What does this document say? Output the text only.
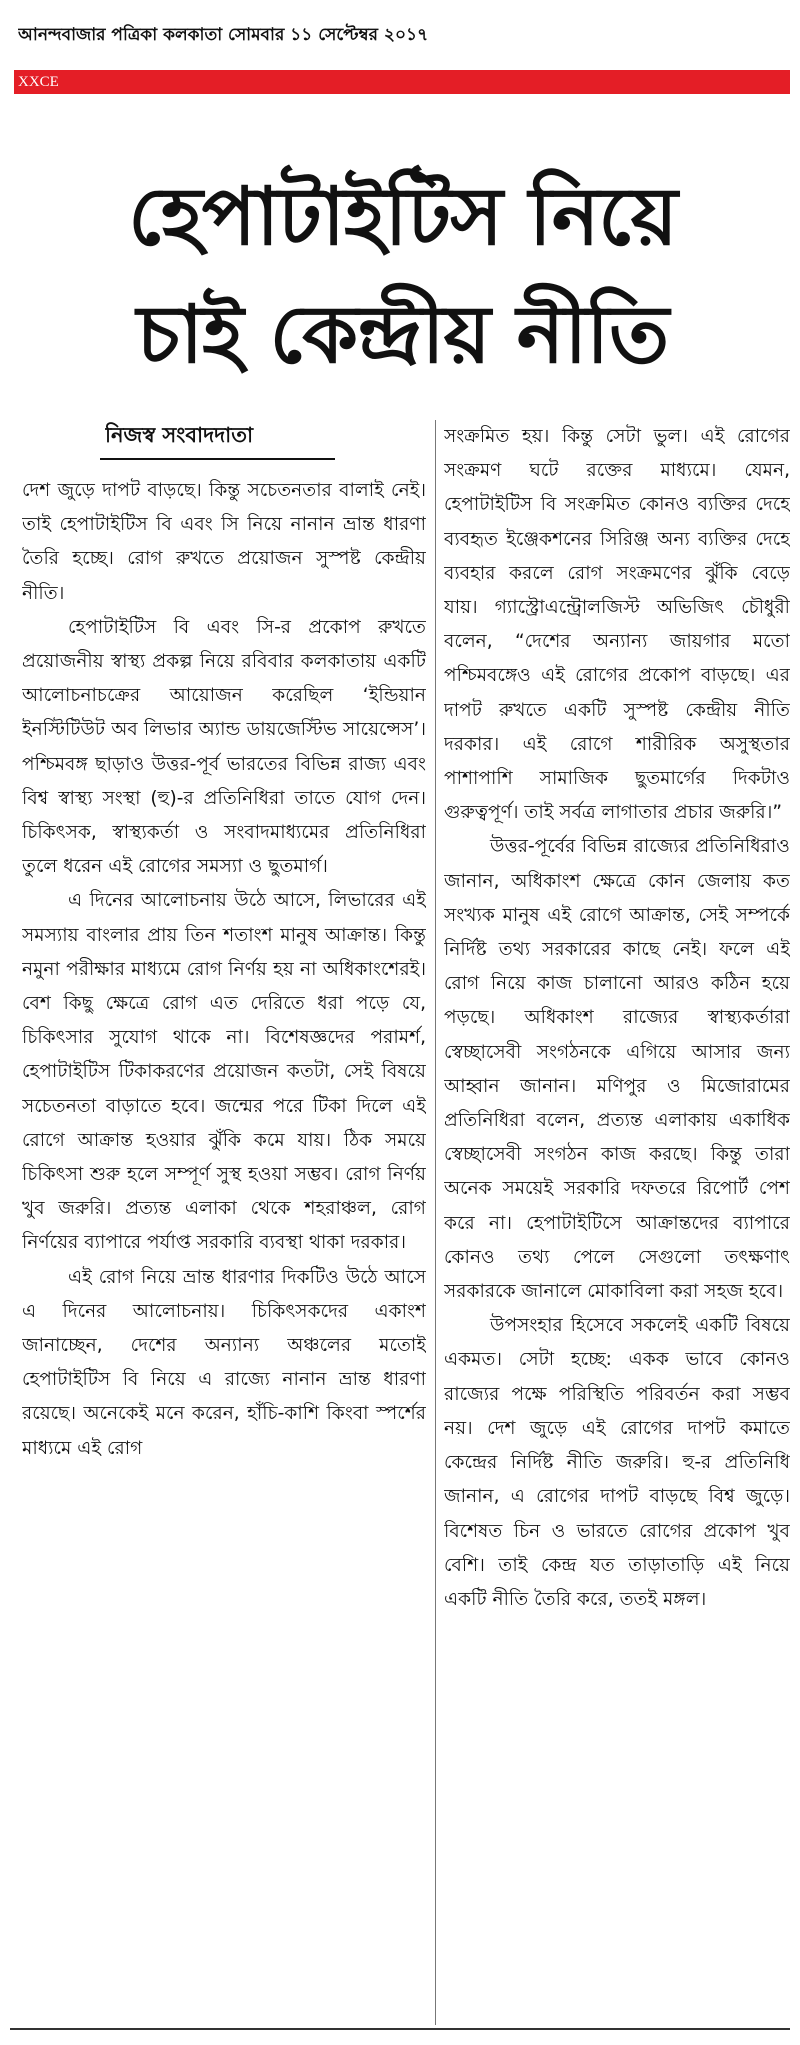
আনন্দবাজার পত্রিকা কলকাতা সোমবার ১১ সেপ্টেম্বর ২০১৭
XXCE
হেপাটাইটিস নিয়ে
চাই কেন্দ্রীয় নীতি
নিজস্ব সংবাদদাতা

দেশ জুড়ে দাপট বাড়ছে। কিন্তু সচেতনতার বালাই নেই। তাই হেপাটাইটিস বি এবং সি নিয়ে নানান ভ্রান্ত ধারণা তৈরি হচ্ছে। রোগ রুখতে প্রয়োজন সুস্পষ্ট কেন্দ্রীয় নীতি।

হেপাটাইটিস বি এবং সি-র প্রকোপ রুখতে প্রয়োজনীয় স্বাস্থ্য প্রকল্প নিয়ে রবিবার কলকাতায় একটি আলোচনাচক্রের আয়োজন করেছিল ‘ইন্ডিয়ান ইনস্টিটিউট অব লিভার অ্যান্ড ডায়জেস্টিভ সায়েন্সেস’। পশ্চিমবঙ্গ ছাড়াও উত্তর-পূর্ব ভারতের বিভিন্ন রাজ্য এবং বিশ্ব স্বাস্থ্য সংস্থা (হু)-র প্রতিনিধিরা তাতে যোগ দেন। চিকিৎসক, স্বাস্থ্যকর্তা ও সংবাদমাধ্যমের প্রতিনিধিরা তুলে ধরেন এই রোগের সমস্যা ও ছুতমার্গ।

এ দিনের আলোচনায় উঠে আসে, লিভারের এই সমস্যায় বাংলার প্রায় তিন শতাংশ মানুষ আক্রান্ত। কিন্তু নমুনা পরীক্ষার মাধ্যমে রোগ নির্ণয় হয় না অধিকাংশেরই। বেশ কিছু ক্ষেত্রে রোগ এত দেরিতে ধরা পড়ে যে, চিকিৎসার সুযোগ থাকে না। বিশেষজ্ঞদের পরামর্শ, হেপাটাইটিস টিকাকরণের প্রয়োজন কতটা, সেই বিষয়ে সচেতনতা বাড়াতে হবে। জন্মের পরে টিকা দিলে এই রোগে আক্রান্ত হওয়ার ঝুঁকি কমে যায়। ঠিক সময়ে চিকিৎসা শুরু হলে সম্পূর্ণ সুস্থ হওয়া সম্ভব। রোগ নির্ণয় খুব জরুরি। প্রত্যন্ত এলাকা থেকে শহরাঞ্চল, রোগ নির্ণয়ের ব্যাপারে পর্যাপ্ত সরকারি ব্যবস্থা থাকা দরকার।

এই রোগ নিয়ে ভ্রান্ত ধারণার দিকটিও উঠে আসে এ দিনের আলোচনায়। চিকিৎসকদের একাংশ জানাচ্ছেন, দেশের অন্যান্য অঞ্চলের মতোই হেপাটাইটিস বি নিয়ে এ রাজ্যে নানান ভ্রান্ত ধারণা রয়েছে। অনেকেই মনে করেন, হাঁচি-কাশি কিংবা স্পর্শের মাধ্যমে এই রোগ

সংক্রমিত হয়। কিন্তু সেটা ভুল। এই রোগের সংক্রমণ ঘটে রক্তের মাধ্যমে। যেমন, হেপাটাইটিস বি সংক্রমিত কোনও ব্যক্তির দেহে ব্যবহৃত ইঞ্জেকশনের সিরিঞ্জ অন্য ব্যক্তির দেহে ব্যবহার করলে রোগ সংক্রমণের ঝুঁকি বেড়ে যায়। গ্যাস্ট্রোএন্ট্রোলজিস্ট অভিজিৎ চৌধুরী বলেন, “দেশের অন্যান্য জায়গার মতো পশ্চিমবঙ্গেও এই রোগের প্রকোপ বাড়ছে। এর দাপট রুখতে একটি সুস্পষ্ট কেন্দ্রীয় নীতি দরকার। এই রোগে শারীরিক অসুস্থতার পাশাপাশি সামাজিক ছুতমার্গের দিকটাও গুরুত্বপূর্ণ। তাই সর্বত্র লাগাতার প্রচার জরুরি।”

উত্তর-পূর্বের বিভিন্ন রাজ্যের প্রতিনিধিরাও জানান, অধিকাংশ ক্ষেত্রে কোন জেলায় কত সংখ্যক মানুষ এই রোগে আক্রান্ত, সেই সম্পর্কে নির্দিষ্ট তথ্য সরকারের কাছে নেই। ফলে এই রোগ নিয়ে কাজ চালানো আরও কঠিন হয়ে পড়ছে। অধিকাংশ রাজ্যের স্বাস্থ্যকর্তারা স্বেচ্ছাসেবী সংগঠনকে এগিয়ে আসার জন্য আহ্বান জানান। মণিপুর ও মিজোরামের প্রতিনিধিরা বলেন, প্রত্যন্ত এলাকায় একাধিক স্বেচ্ছাসেবী সংগঠন কাজ করছে। কিন্তু তারা অনেক সময়েই সরকারি দফতরে রিপোর্ট পেশ করে না। হেপাটাইটিসে আক্রান্তদের ব্যাপারে কোনও তথ্য পেলে সেগুলো তৎক্ষণাৎ সরকারকে জানালে মোকাবিলা করা সহজ হবে।

উপসংহার হিসেবে সকলেই একটি বিষয়ে একমত। সেটা হচ্ছে: একক ভাবে কোনও রাজ্যের পক্ষে পরিস্থিতি পরিবর্তন করা সম্ভব নয়। দেশ জুড়ে এই রোগের দাপট কমাতে কেন্দ্রের নির্দিষ্ট নীতি জরুরি। হু-র প্রতিনিধি জানান, এ রোগের দাপট বাড়ছে বিশ্ব জুড়ে। বিশেষত চিন ও ভারতে রোগের প্রকোপ খুব বেশি। তাই কেন্দ্র যত তাড়াতাড়ি এই নিয়ে একটি নীতি তৈরি করে, ততই মঙ্গল।
